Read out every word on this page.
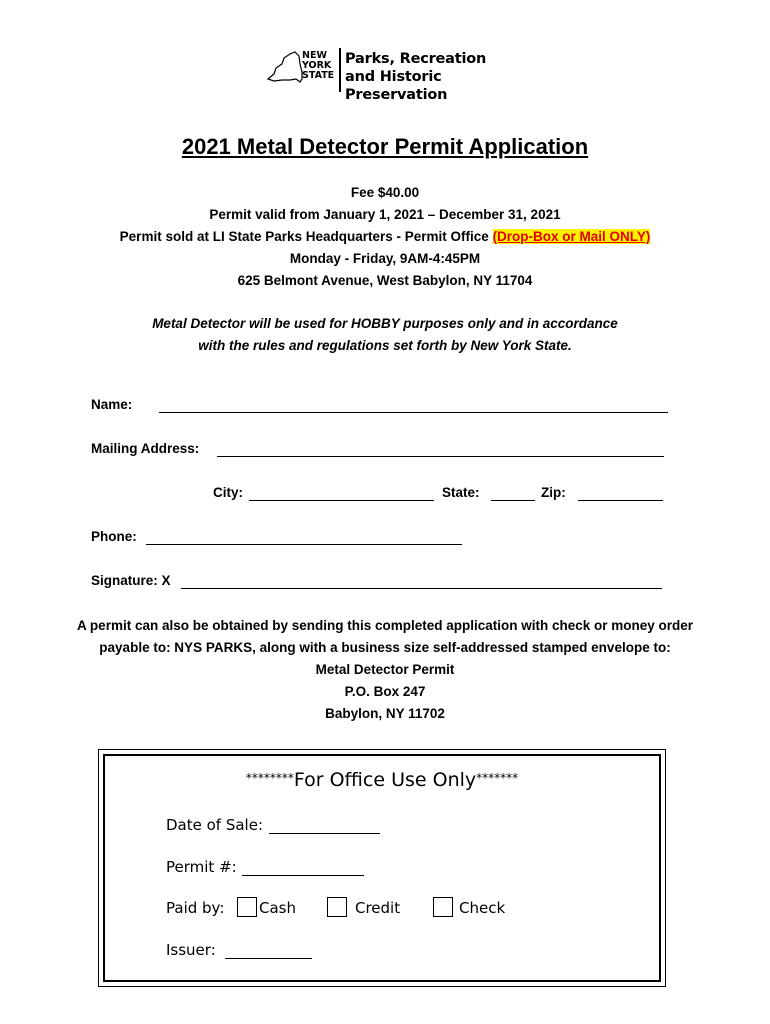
NEW
YORK
STATE
Parks, Recreation
and Historic Preservation
2021 Metal Detector Permit Application
Fee $40.00
Permit valid from January 1, 2021 – December 31, 2021
Permit sold at LI State Parks Headquarters - Permit Office (Drop-Box or Mail ONLY)
Monday - Friday, 9AM-4:45PM
625 Belmont Avenue, West Babylon, NY 11704
Metal Detector will be used for HOBBY purposes only and in accordance
with the rules and regulations set forth by New York State.
Name:
Mailing Address:
City:	State:	Zip:
Phone:
Signature: X
A permit can also be obtained by sending this completed application with check or money order
payable to: NYS PARKS, along with a business size self-addressed stamped envelope to:
Metal Detector Permit
P.O. Box 247
Babylon, NY 11702
********For Office Use Only*******
Date of Sale:
Permit #:
Paid by: Cash	Credit	Check
Issuer:
